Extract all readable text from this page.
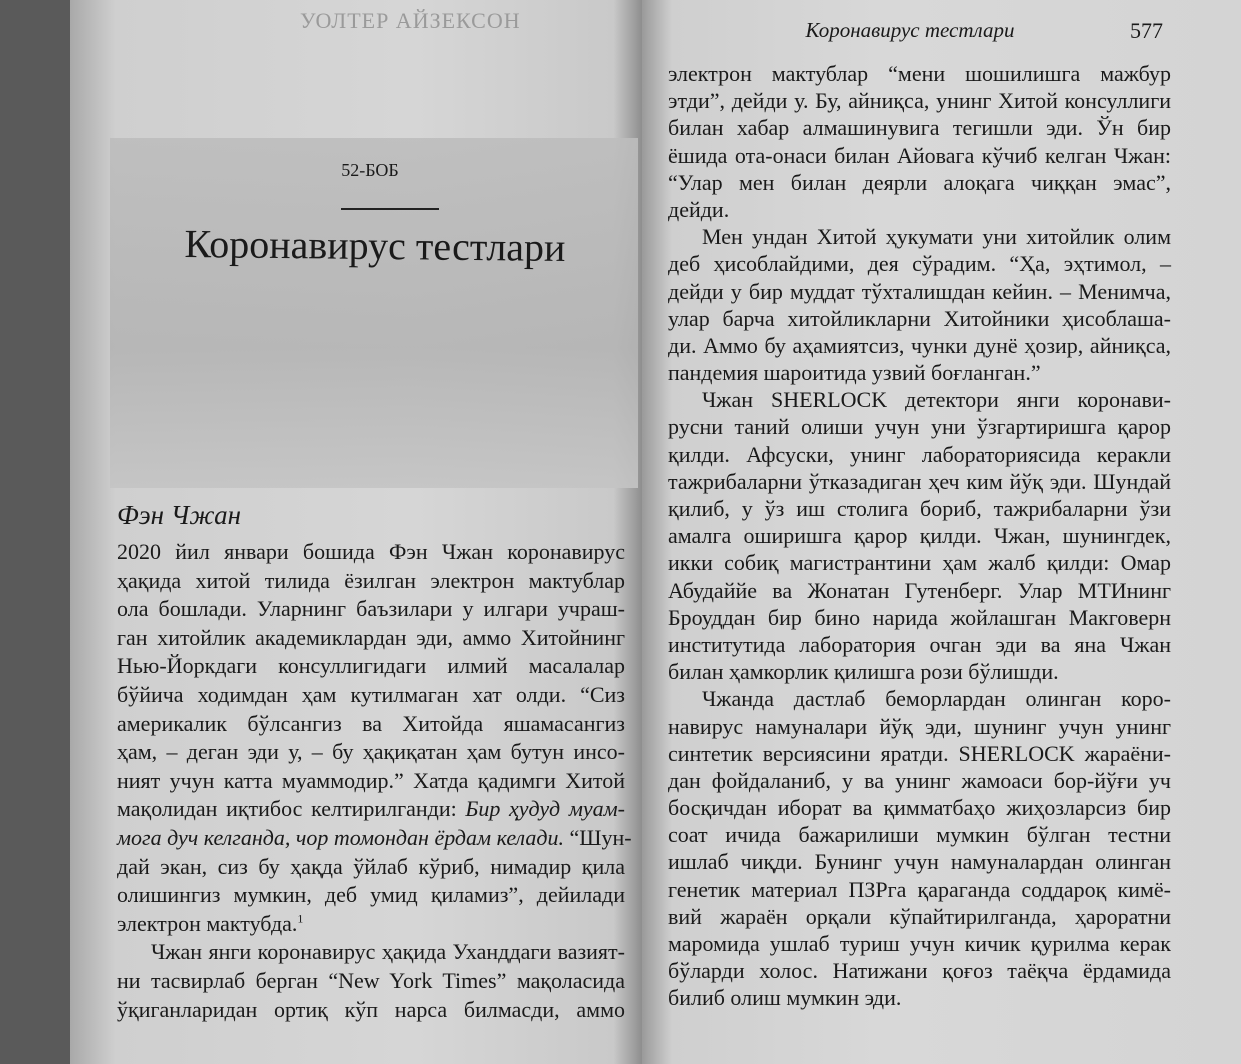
УОЛТЕР АЙЗЕКСОН
52-БОБ
Коронавирус тестлари
Фэн Чжан
2020 йил январи бошида Фэн Чжан коронавирус
ҳақида хитой тилида ёзилган электрон мактублар
ола бошлади. Уларнинг баъзилари у илгари учраш-
ган хитойлик академиклардан эди, аммо Хитойнинг
Нью-Йоркдаги консуллигидаги илмий масалалар
бўйича ходимдан ҳам кутилмаган хат олди. “Сиз
америкалик бўлсангиз ва Хитойда яшамасангиз
ҳам, – деган эди у, – бу ҳақиқатан ҳам бутун инсо-
ният учун катта муаммодир.” Хатда қадимги Хитой
мақолидан иқтибос келтирилганди: Бир ҳудуд муам-
мога дуч келганда, чор томондан ёрдам келади. “Шун-
дай экан, сиз бу ҳақда ўйлаб кўриб, нимадир қила
олишингиз мумкин, деб умид қиламиз”, дейилади
электрон мактубда.$^1$
Чжан янги коронавирус ҳақида Уханддаги вазият-
ни тасвирлаб берган “New York Times” мақоласида
ўқиганларидан ортиқ кўп нарса билмасди, аммо
Коронавирус тестлари	577
электрон мактублар “мени шошилишга мажбур
этди”, дейди у. Бу, айниқса, унинг Хитой консуллиги
билан хабар алмашинувига тегишли эди. Ўн бир
ёшида ота-онаси билан Айовага кўчиб келган Чжан:
“Улар мен билан деярли алоқага чиққан эмас”,
дейди.
Мен ундан Хитой ҳукумати уни хитойлик олим
деб ҳисоблайдими, дея сўрадим. “Ҳа, эҳтимол, –
дейди у бир муддат тўхталишдан кейин. – Менимча,
улар барча хитойликларни Хитойники ҳисоблаша-
ди. Аммо бу аҳамиятсиз, чунки дунё ҳозир, айниқса,
пандемия шароитида узвий боғланган.”
Чжан SHERLOCK детектори янги коронави-
русни таний олиши учун уни ўзгартиришга қарор
қилди. Афсуски, унинг лабораториясида керакли
тажрибаларни ўтказадиган ҳеч ким йўқ эди. Шундай
қилиб, у ўз иш столига бориб, тажрибаларни ўзи
амалга оширишга қарор қилди. Чжан, шунингдек,
икки собиқ магистрантини ҳам жалб қилди: Омар
Абудаййе ва Жонатан Гутенберг. Улар МТИнинг
Броуддан бир бино нарида жойлашган Макговерн
институтида лаборатория очган эди ва яна Чжан
билан ҳамкорлик қилишга рози бўлишди.
Чжанда дастлаб беморлардан олинган коро-
навирус намуналари йўқ эди, шунинг учун унинг
синтетик версиясини яратди. SHERLOCK жараёни-
дан фойдаланиб, у ва унинг жамоаси бор-йўғи уч
босқичдан иборат ва қимматбаҳо жиҳозларсиз бир
соат ичида бажарилиши мумкин бўлган тестни
ишлаб чиқди. Бунинг учун намуналардан олинган
генетик материал ПЗРга қараганда соддароқ кимё-
вий жараён орқали кўпайтирилганда, ҳароратни
маромида ушлаб туриш учун кичик қурилма керак
бўларди холос. Натижани қоғоз таёқча ёрдамида
билиб олиш мумкин эди.
